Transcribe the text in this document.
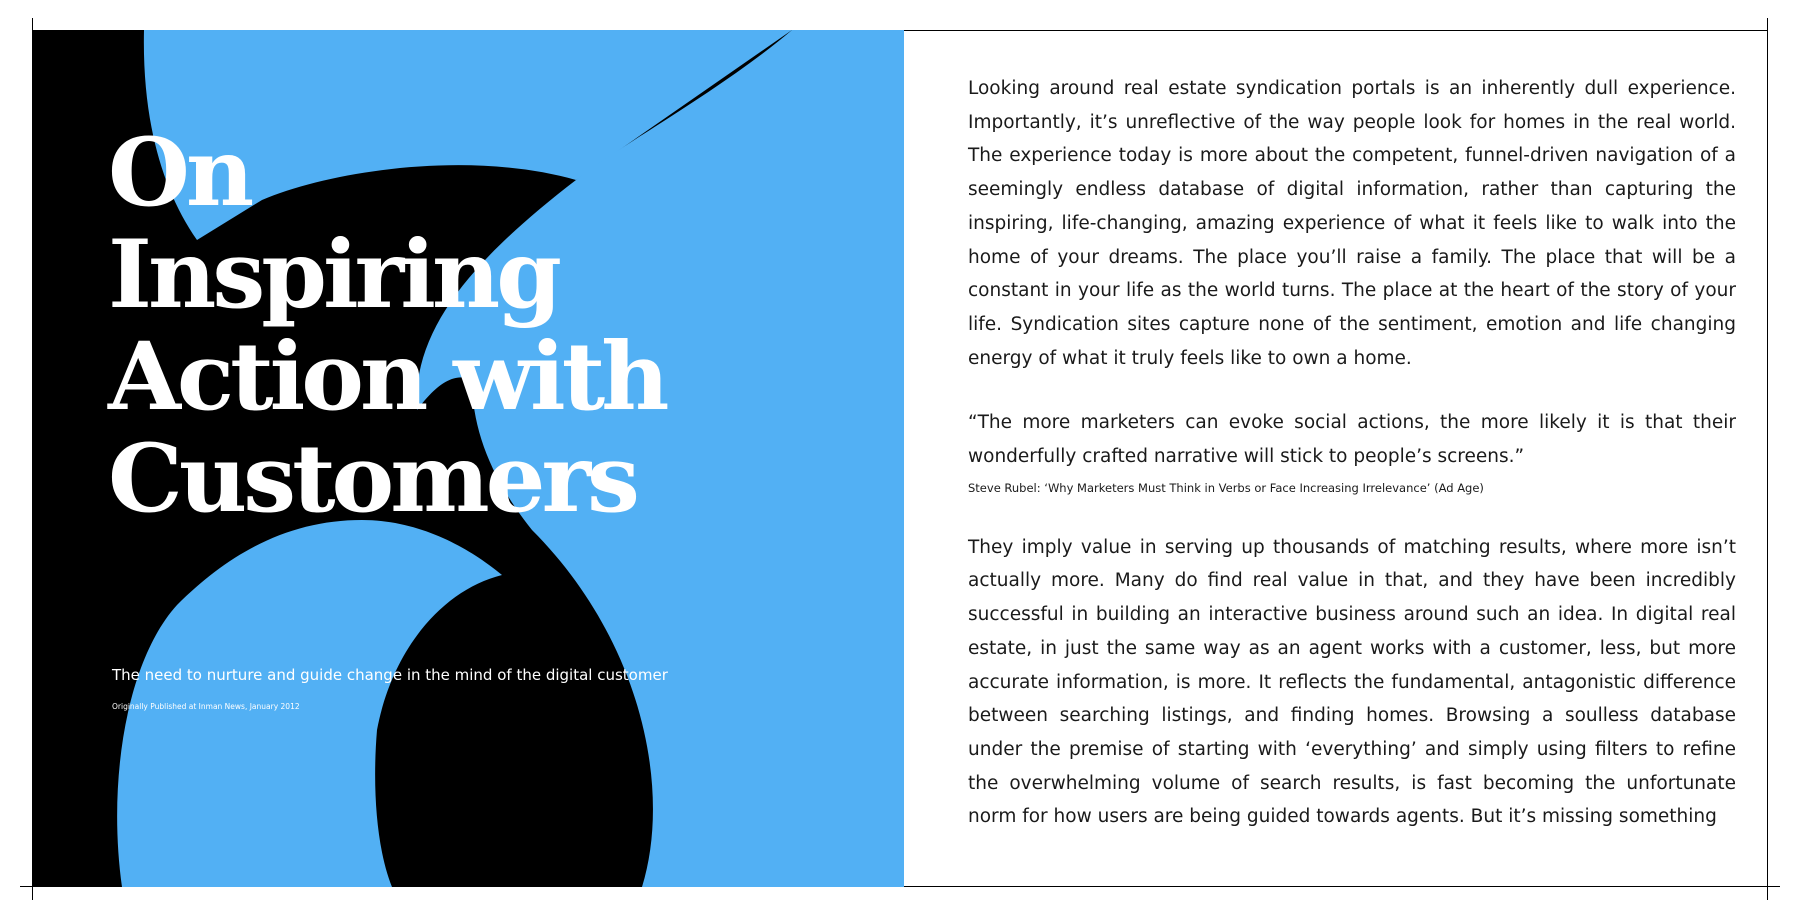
On
Inspiring
Action with
Customers

The need to nurture and guide change in the mind of the digital customer

Originally Published at Inman News, January 2012

Looking around real estate syndication portals is an inherently dull experience. Importantly, it’s unreflective of the way people look for homes in the real world. The experience today is more about the competent, funnel-driven navigation of a seemingly endless database of digital information, rather than capturing the inspiring, life-changing, amazing experience of what it feels like to walk into the home of your dreams. The place you’ll raise a family. The place that will be a constant in your life as the world turns. The place at the heart of the story of your life. Syndication sites capture none of the sentiment, emotion and life changing energy of what it truly feels like to own a home.

“The more marketers can evoke social actions, the more likely it is that their wonderfully crafted narrative will stick to people’s screens.”

Steve Rubel: ‘Why Marketers Must Think in Verbs or Face Increasing Irrelevance’ (Ad Age)

They imply value in serving up thousands of matching results, where more isn’t actually more. Many do find real value in that, and they have been incredibly successful in building an interactive business around such an idea. In digital real estate, in just the same way as an agent works with a customer, less, but more accurate information, is more. It reflects the fundamental, antagonistic difference between searching listings, and finding homes. Browsing a soulless database under the premise of starting with ‘everything’ and simply using filters to refine the overwhelming volume of search results, is fast becoming the unfortunate norm for how users are being guided towards agents. But it’s missing something
